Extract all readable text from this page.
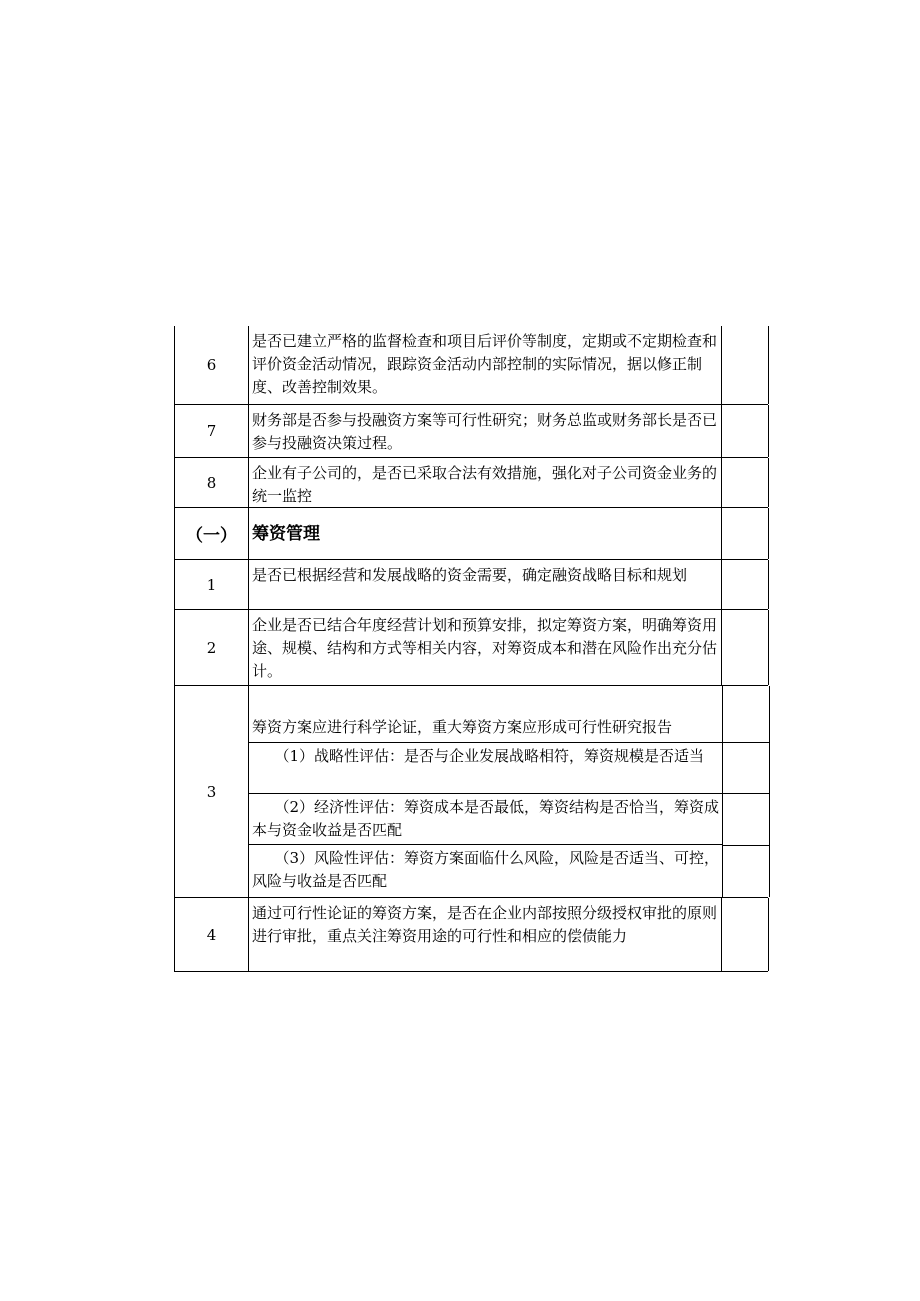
6
是否已建立严格的监督检查和项目后评价等制度，定期或不定期检查和评价资金活动情况，跟踪资金活动内部控制的实际情况，据以修正制度、改善控制效果。
7
财务部是否参与投融资方案等可行性研究；财务总监或财务部长是否已参与投融资决策过程。
8
企业有子公司的，是否已采取合法有效措施，强化对子公司资金业务的统一监控
（一） 筹资管理
1
是否已根据经营和发展战略的资金需要，确定融资战略目标和规划
2
企业是否已结合年度经营计划和预算安排，拟定筹资方案，明确筹资用途、规模、结构和方式等相关内容，对筹资成本和潜在风险作出充分估计。
3
筹资方案应进行科学论证，重大筹资方案应形成可行性研究报告
（1）战略性评估：是否与企业发展战略相符，筹资规模是否适当
（2）经济性评估：筹资成本是否最低，筹资结构是否恰当，筹资成本与资金收益是否匹配
（3）风险性评估：筹资方案面临什么风险，风险是否适当、可控，风险与收益是否匹配
4
通过可行性论证的筹资方案，是否在企业内部按照分级授权审批的原则进行审批，重点关注筹资用途的可行性和相应的偿债能力
